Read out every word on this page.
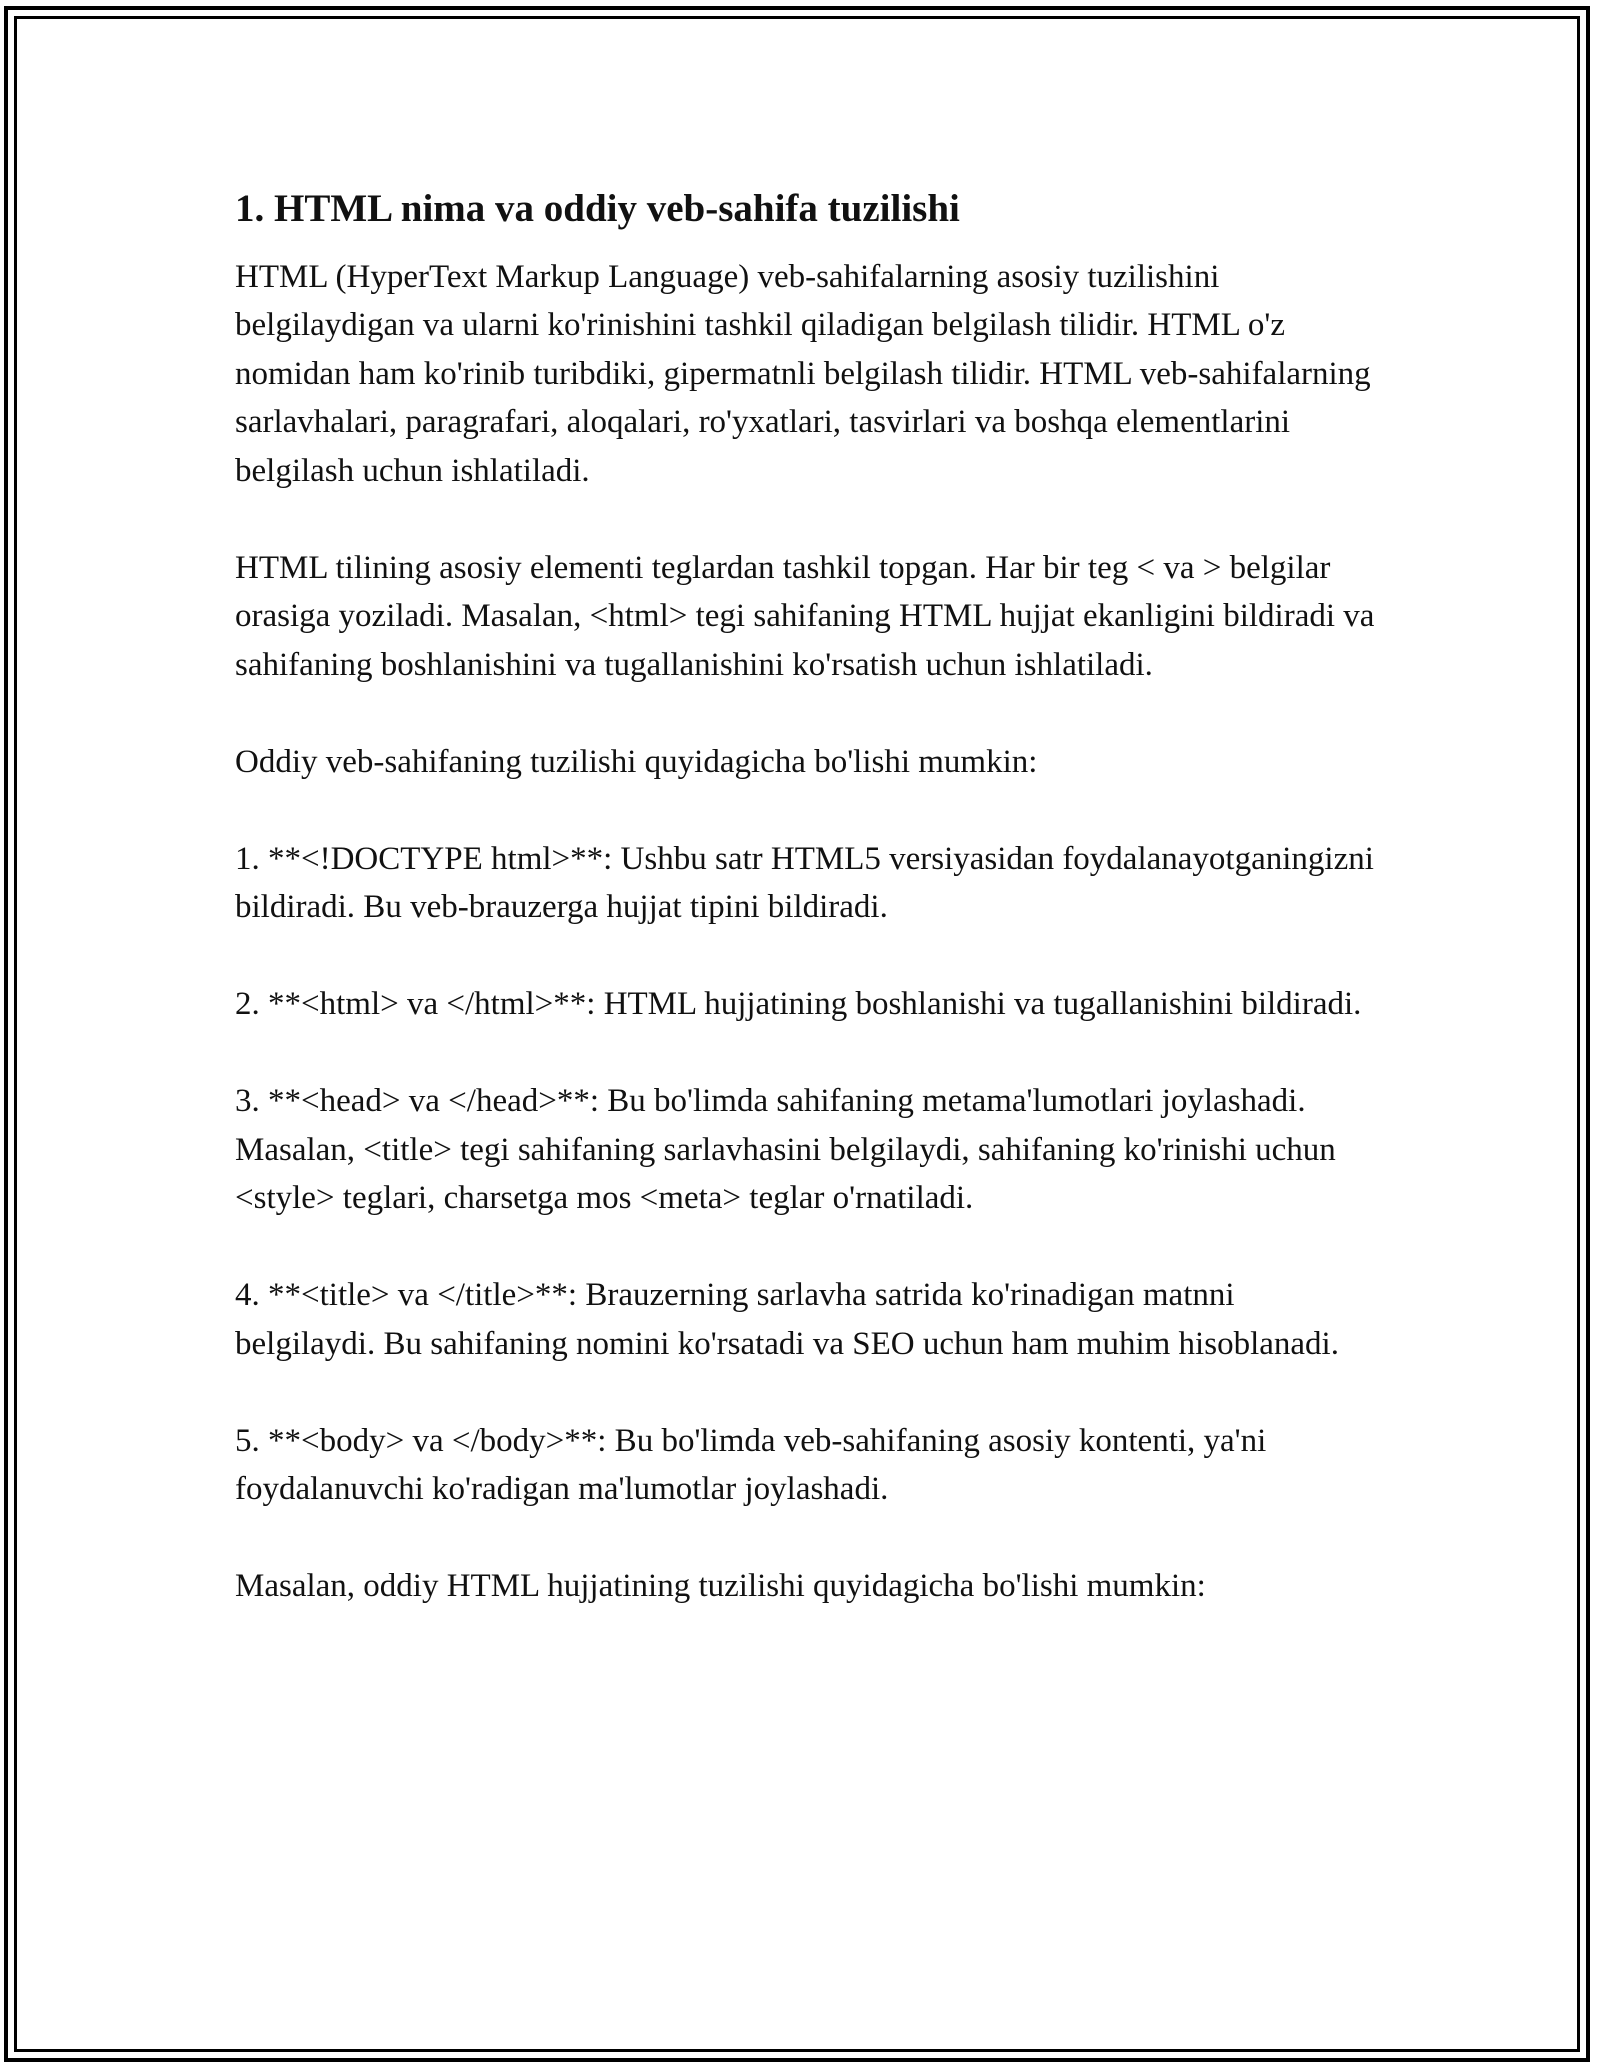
1. HTML nima va oddiy veb-sahifa tuzilishi

HTML (HyperText Markup Language) veb-sahifalarning asosiy tuzilishini belgilaydigan va ularni ko'rinishini tashkil qiladigan belgilash tilidir. HTML o'z nomidan ham ko'rinib turibdiki, gipermatnli belgilash tilidir. HTML veb-sahifalarning sarlavhalari, paragrafari, aloqalari, ro'yxatlari, tasvirlari va boshqa elementlarini belgilash uchun ishlatiladi.

HTML tilining asosiy elementi teglardan tashkil topgan. Har bir teg < va > belgilar orasiga yoziladi. Masalan, <html> tegi sahifaning HTML hujjat ekanligini bildiradi va sahifaning boshlanishini va tugallanishini ko'rsatish uchun ishlatiladi.

Oddiy veb-sahifaning tuzilishi quyidagicha bo'lishi mumkin:

1. **<!DOCTYPE html>**: Ushbu satr HTML5 versiyasidan foydalanayotganingizni bildiradi. Bu veb-brauzerga hujjat tipini bildiradi.

2. **<html> va </html>**: HTML hujjatining boshlanishi va tugallanishini bildiradi.

3. **<head> va </head>**: Bu bo'limda sahifaning metama'lumotlari joylashadi. Masalan, <title> tegi sahifaning sarlavhasini belgilaydi, sahifaning ko'rinishi uchun <style> teglari, charsetga mos <meta> teglar o'rnatiladi.

4. **<title> va </title>**: Brauzerning sarlavha satrida ko'rinadigan matnni belgilaydi. Bu sahifaning nomini ko'rsatadi va SEO uchun ham muhim hisoblanadi.

5. **<body> va </body>**: Bu bo'limda veb-sahifaning asosiy kontenti, ya'ni foydalanuvchi ko'radigan ma'lumotlar joylashadi.

Masalan, oddiy HTML hujjatining tuzilishi quyidagicha bo'lishi mumkin:
